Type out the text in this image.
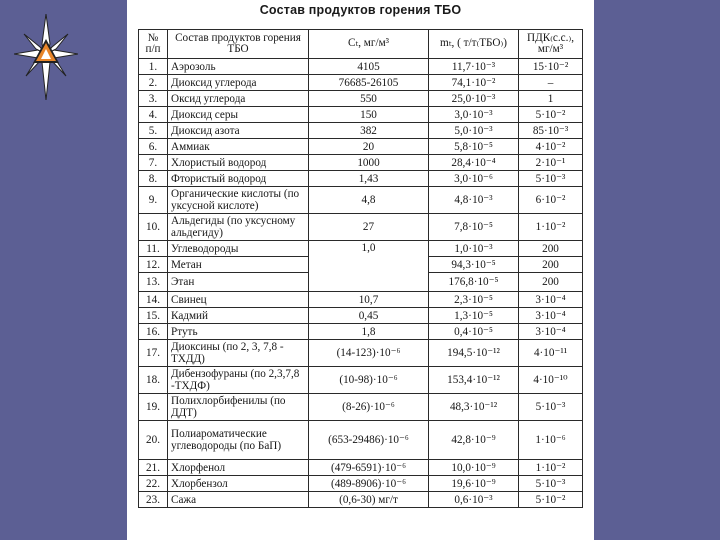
Состав продуктов горения ТБО
№ п/п	Состав продуктов горения ТБО	Cₜ, мг/м³	mₜ, ( т/т₍ТБО₎)	ПДК₍с.с.₎, мг/м³
1.	Аэрозоль	4105	11,7·10⁻³	15·10⁻²
2.	Диоксид углерода	76685-26105	74,1·10⁻²	–
3.	Оксид углерода	550	25,0·10⁻³	1
4.	Диоксид серы	150	3,0·10⁻³	5·10⁻²
5.	Диоксид азота	382	5,0·10⁻³	85·10⁻³
6.	Аммиак	20	5,8·10⁻⁵	4·10⁻²
7.	Хлористый водород	1000	28,4·10⁻⁴	2·10⁻¹
8.	Фтористый водород	1,43	3,0·10⁻⁶	5·10⁻³
9.	Органические кислоты (по уксусной кислоте)	4,8	4,8·10⁻³	6·10⁻²
10.	Альдегиды (по уксусному альдегиду)	27	7,8·10⁻⁵	1·10⁻²
11.	Углеводороды	1,0	1,0·10⁻³	200
12.	Метан		94,3·10⁻⁵	200
13.	Этан		176,8·10⁻⁵	200
14.	Свинец	10,7	2,3·10⁻⁵	3·10⁻⁴
15.	Кадмий	0,45	1,3·10⁻⁵	3·10⁻⁴
16.	Ртуть	1,8	0,4·10⁻⁵	3·10⁻⁴
17.	Диоксины (по 2, 3, 7,8 - ТХДД)	(14-123)·10⁻⁶	194,5·10⁻¹²	4·10⁻¹¹
18.	Дибензофураны (по 2,3,7,8 -ТХДФ)	(10-98)·10⁻⁶	153,4·10⁻¹²	4·10⁻¹⁰
19.	Полихлорбифенилы (по ДДТ)	(8-26)·10⁻⁶	48,3·10⁻¹²	5·10⁻³
20.	Полиароматические углеводороды (по БаП)	(653-29486)·10⁻⁶	42,8·10⁻⁹	1·10⁻⁶
21.	Хлорфенол	(479-6591)·10⁻⁶	10,0·10⁻⁹	1·10⁻²
22.	Хлорбензол	(489-8906)·10⁻⁶	19,6·10⁻⁹	5·10⁻³
23.	Сажа	(0,6-30) мг/т	0,6·10⁻³	5·10⁻²
